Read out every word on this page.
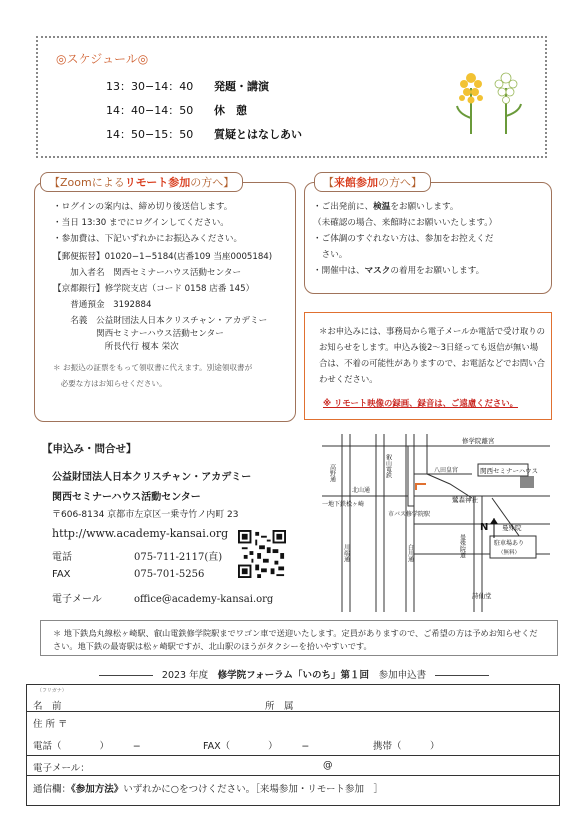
◎スケジュール◎
13：30−14：40 発題・講演
14：40−14：50 休　憩
14：50−15：50 質疑とはなしあい
・ログインの案内は、締め切り後送信します。
・当日 13:30 までにログインしてください。
・参加費は、下記いずれかにお振込みください。
【郵便振替】01020−1−5184(店番109 当座0005184)
　　加入者名　関西セミナーハウス活動センター
【京都銀行】修学院支店（コード 0158 店番 145）
　　普通預金　3192884
　　名義　公益財団法人日本クリスチャン・アカデミー
　　　　　関西セミナーハウス活動センター
　　　　　　所長代行 榎本 栄次
＊ お振込の証票をもって領収書に代えます。別途領収書が
　必要な方はお知らせください。
【Zoomによるリモート参加の方へ】
・ご出発前に、検温をお願いします。
（未確認の場合、来館時にお願いいたします。）
・ご体調のすぐれない方は、参加をお控えくだ
　さい。
・開催中は、マスクの着用をお願いします。
【来館参加の方へ】
＊お申込みには、事務局から電子メールか電話で受け取りのお知らせをします。申込み後2〜3日経っても返信が無い場合は、不着の可能性がありますので、お電話などでお問い合わせください。
※ リモート映像の録画、録音は、ご遠慮ください。
【申込み・問合せ】
公益財団法人日本クリスチャン・アカデミー
関西セミナーハウス活動センター
〒606-8134 京都市左京区一乗寺竹ノ内町 23
http://www.academy-kansai.org
電話	075-711-2117(直)
FAX	075-701-5256
電子メール	office@academy-kansai.org
関西セミナーハウス
修学院離宮
八田皇宮
北山通
一地下鉄松ヶ崎
市バス修学院駅
鷺森神社
曼殊院
駐車場あり
（無料）
詩仙堂
高野通	叡山電鉄
川端通	白川通	曼殊院道
N
＊ 地下鉄烏丸線松ヶ崎駅、叡山電鉄修学院駅までワゴン車で送迎いたします。定員がありますので、ご希望の方は予めお知らせください。地下鉄の最寄駅は松ヶ崎駅ですが、北山駅のほうがタクシーを拾いやすいです。
2023 年度　 修学院フォーラム「いのち」第１回　 参加申込書
（フリガナ）
名　前	所　属
住 所 〒
電話（　　　　）　　　−	FAX（　　　　）　　　−	携帯（　　　）
電子メール：	@
通信欄：《参加方法》いずれかに○をつけください。［来場参加・リモート参加　］
